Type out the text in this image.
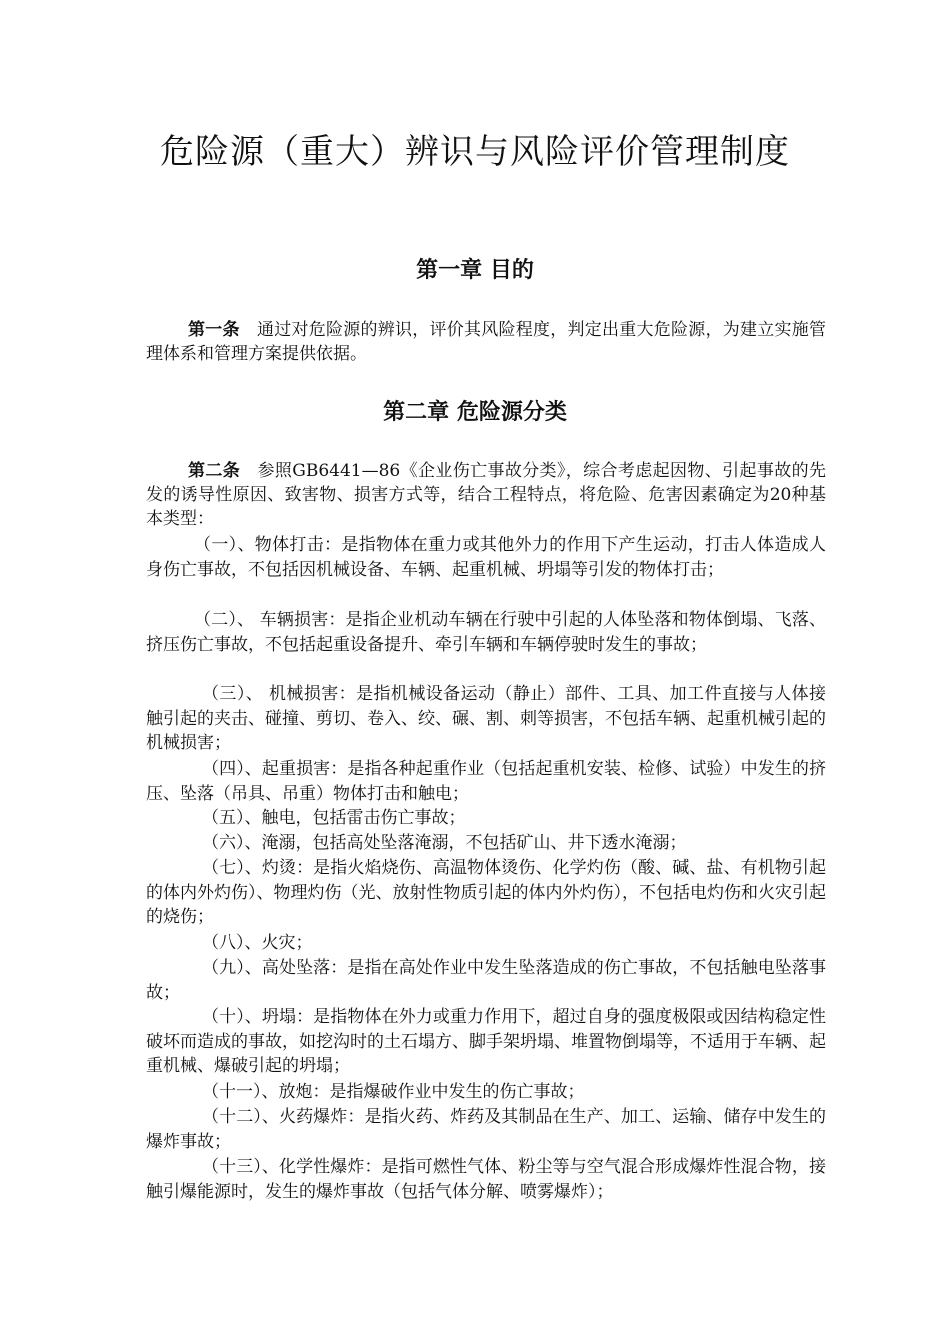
危险源（重大）辨识与风险评价管理制度
第一章 目的
第一条　 通过对危险源的辨识，评价其风险程度，判定出重大危险源，为建立实施管理体系和管理方案提供依据。
第二章 危险源分类
第二条　 参照GB6441—86《企业伤亡事故分类》，综合考虑起因物、引起事故的先发的诱导性原因、致害物、损害方式等，结合工程特点，将危险、危害因素确定为20种基本类型：
（一）、物体打击：是指物体在重力或其他外力的作用下产生运动，打击人体造成人身伤亡事故，不包括因机械设备、车辆、起重机械、坍塌等引发的物体打击；
（二）、 车辆损害：是指企业机动车辆在行驶中引起的人体坠落和物体倒塌、飞落、挤压伤亡事故，不包括起重设备提升、牵引车辆和车辆停驶时发生的事故；
（三）、 机械损害：是指机械设备运动（静止）部件、工具、加工件直接与人体接触引起的夹击、碰撞、剪切、卷入、绞、碾、割、刺等损害，不包括车辆、起重机械引起的机械损害；
（四）、起重损害：是指各种起重作业（包括起重机安装、检修、试验）中发生的挤压、坠落（吊具、吊重）物体打击和触电；
（五）、触电，包括雷击伤亡事故；
（六）、淹溺，包括高处坠落淹溺，不包括矿山、井下透水淹溺；
（七）、灼烫：是指火焰烧伤、高温物体烫伤、化学灼伤（酸、碱、盐、有机物引起的体内外灼伤）、物理灼伤（光、放射性物质引起的体内外灼伤），不包括电灼伤和火灾引起的烧伤；
（八）、火灾；
（九）、高处坠落：是指在高处作业中发生坠落造成的伤亡事故，不包括触电坠落事故；
（十）、坍塌：是指物体在外力或重力作用下，超过自身的强度极限或因结构稳定性破坏而造成的事故，如挖沟时的土石塌方、脚手架坍塌、堆置物倒塌等，不适用于车辆、起重机械、爆破引起的坍塌；
（十一）、放炮：是指爆破作业中发生的伤亡事故；
（十二）、火药爆炸：是指火药、炸药及其制品在生产、加工、运输、储存中发生的爆炸事故；
（十三）、化学性爆炸：是指可燃性气体、粉尘等与空气混合形成爆炸性混合物，接触引爆能源时，发生的爆炸事故（包括气体分解、喷雾爆炸）；
